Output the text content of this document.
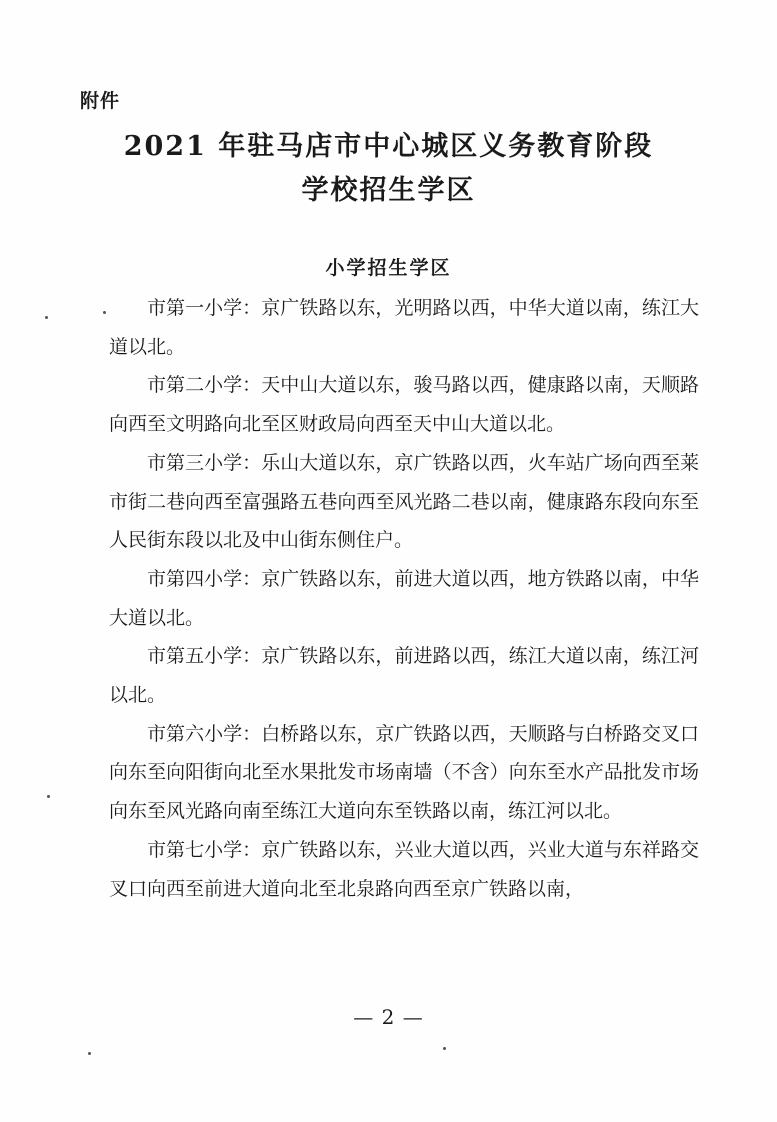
附件
2021 年驻马店市中心城区义务教育阶段
学校招生学区
小学招生学区

市第一小学：京广铁路以东，光明路以西，中华大道以南，练江大道以北。

市第二小学：天中山大道以东，骏马路以西，健康路以南，天顺路向西至文明路向北至区财政局向西至天中山大道以北。

市第三小学：乐山大道以东，京广铁路以西，火车站广场向西至莱市街二巷向西至富强路五巷向西至风光路二巷以南，健康路东段向东至人民街东段以北及中山街东侧住户。

市第四小学：京广铁路以东，前进大道以西，地方铁路以南，中华大道以北。

市第五小学：京广铁路以东，前进路以西，练江大道以南，练江河以北。

市第六小学：白桥路以东，京广铁路以西，天顺路与白桥路交叉口向东至向阳街向北至水果批发市场南墙（不含）向东至水产品批发市场向东至风光路向南至练江大道向东至铁路以南，练江河以北。

市第七小学：京广铁路以东，兴业大道以西，兴业大道与东祥路交叉口向西至前进大道向北至北泉路向西至京广铁路以南，

— 2 —
